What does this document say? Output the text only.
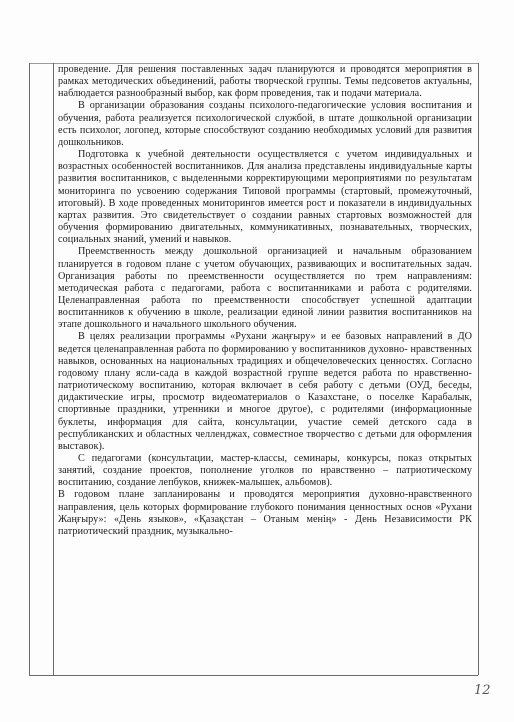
проведение. Для решения поставленных задач планируются и проводятся мероприятия в рамках методических объединений, работы творческой группы. Темы педсоветов актуальны, наблюдается разнообразный выбор, как форм проведения, так и подачи материала.

В организации образования созданы психолого-педагогические условия воспитания и обучения, работа реализуется психологической службой, в штате дошкольной организации есть психолог, логопед, которые способствуют созданию необходимых условий для развития дошкольников.

Подготовка к учебной деятельности осуществляется с учетом индивидуальных и возрастных особенностей воспитанников. Для анализа представлены индивидуальные карты развития воспитанников, с выделенными корректирующими мероприятиями по результатам мониторинга по усвоению содержания Типовой программы (стартовый, промежуточный, итоговый). В ходе проведенных мониторингов имеется рост и показатели в индивидуальных картах развития. Это свидетельствует о создании равных стартовых возможностей для обучения формированию двигательных, коммуникативных, познавательных, творческих, социальных знаний, умений и навыков.

Преемственность между дошкольной организацией и начальным образованием планируется в годовом плане с учетом обучающих, развивающих и воспитательных задач. Организация работы по преемственности осуществляется по трем направлениям: методическая работа с педагогами, работа с воспитанниками и работа с родителями. Целенаправленная работа по преемственности способствует успешной адаптации воспитанников к обучению в школе, реализации единой линии развития воспитанников на этапе дошкольного и начального школьного обучения.

В целях реализации программы «Рухани жаңғыру» и ее базовых направлений в ДО ведется целенаправленная работа по формированию у воспитанников духовно- нравственных навыков, основанных на национальных традициях и общечеловеческих ценностях. Согласно годовому плану ясли-сада в каждой возрастной группе ведется работа по нравственно-патриотическому воспитанию, которая включает в себя работу с детьми (ОУД, беседы, дидактические игры, просмотр видеоматериалов о Казахстане, о поселке Карабалык, спортивные праздники, утренники и многое другое), с родителями (информационные буклеты, информация для сайта, консультации, участие семей детского сада в республиканских и областных челленджах, совместное творчество с детьми для оформления выставок).

С педагогами (консультации, мастер-классы, семинары, конкурсы, показ открытых занятий, создание проектов, пополнение уголков по нравственно – патриотическому воспитанию, создание лепбуков, книжек-малышек, альбомов).

В годовом плане запланированы и проводятся мероприятия духовно-нравственного направления, цель которых формирование глубокого понимания ценностных основ «Рухани Жаңғыру»: «День языков», «Қазақстан – Отаным менің» - День Независимости РК патриотический праздник, музыкально-

12
